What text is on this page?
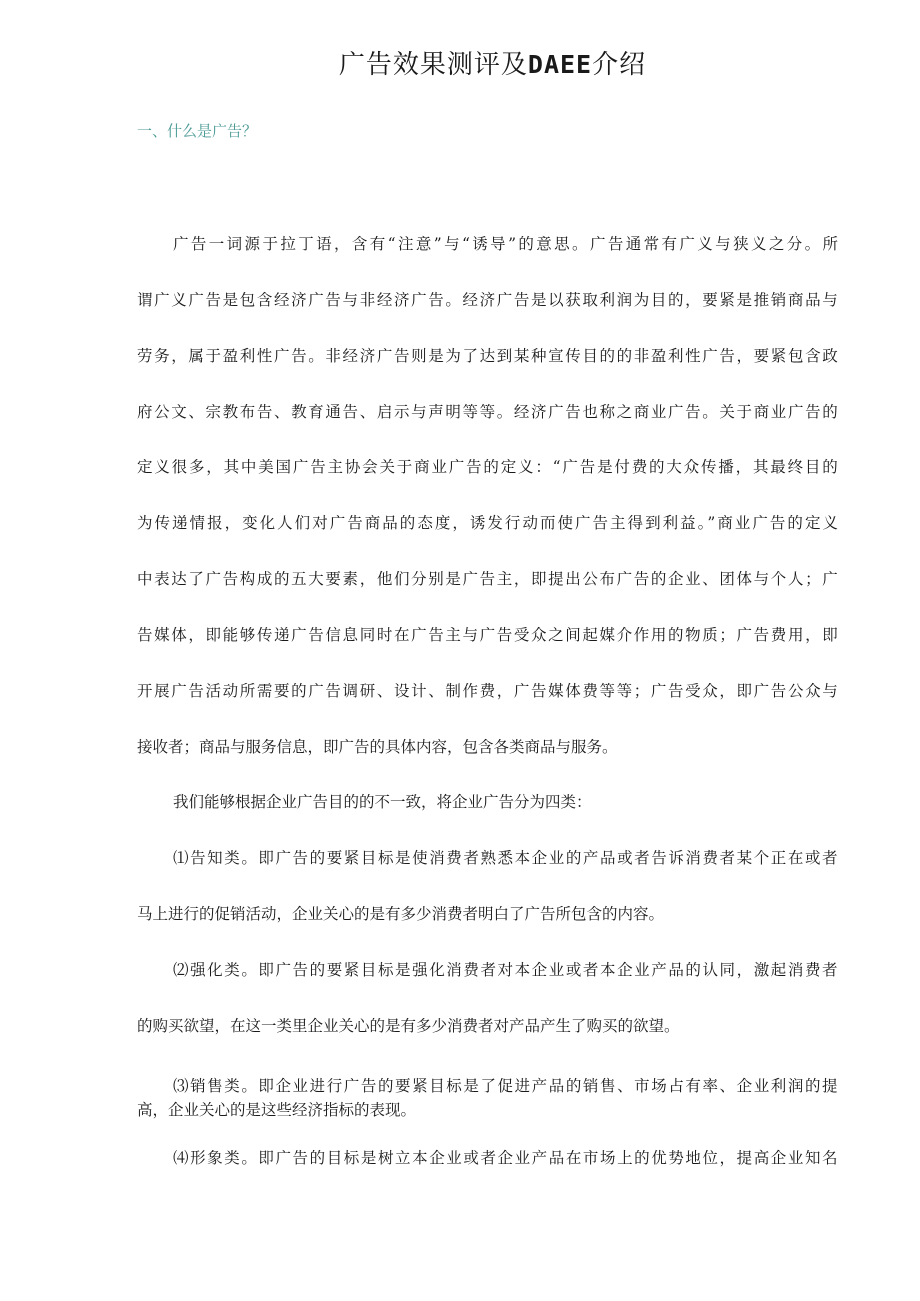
广告效果测评及DAEE介绍

一、什么是广告？

广告一词源于拉丁语，含有“注意”与“诱导”的意思。广告通常有广义与狭义之分。所

谓广义广告是包含经济广告与非经济广告。经济广告是以获取利润为目的，要紧是推销商品与

劳务，属于盈利性广告。非经济广告则是为了达到某种宣传目的的非盈利性广告，要紧包含政

府公文、宗教布告、教育通告、启示与声明等等。经济广告也称之商业广告。关于商业广告的

定义很多，其中美国广告主协会关于商业广告的定义：“广告是付费的大众传播，其最终目的

为传递情报，变化人们对广告商品的态度，诱发行动而使广告主得到利益。”商业广告的定义

中表达了广告构成的五大要素，他们分别是广告主，即提出公布广告的企业、团体与个人；广

告媒体，即能够传递广告信息同时在广告主与广告受众之间起媒介作用的物质；广告费用，即

开展广告活动所需要的广告调研、设计、制作费，广告媒体费等等；广告受众，即广告公众与

接收者；商品与服务信息，即广告的具体内容，包含各类商品与服务。

我们能够根据企业广告目的的不一致，将企业广告分为四类：

⑴告知类。即广告的要紧目标是使消费者熟悉本企业的产品或者告诉消费者某个正在或者

马上进行的促销活动，企业关心的是有多少消费者明白了广告所包含的内容。

⑵强化类。即广告的要紧目标是强化消费者对本企业或者本企业产品的认同，激起消费者

的购买欲望，在这一类里企业关心的是有多少消费者对产品产生了购买的欲望。

⑶销售类。即企业进行广告的要紧目标是了促进产品的销售、市场占有率、企业利润的提

高，企业关心的是这些经济指标的表现。

⑷形象类。即广告的目标是树立本企业或者企业产品在市场上的优势地位，提高企业知名
